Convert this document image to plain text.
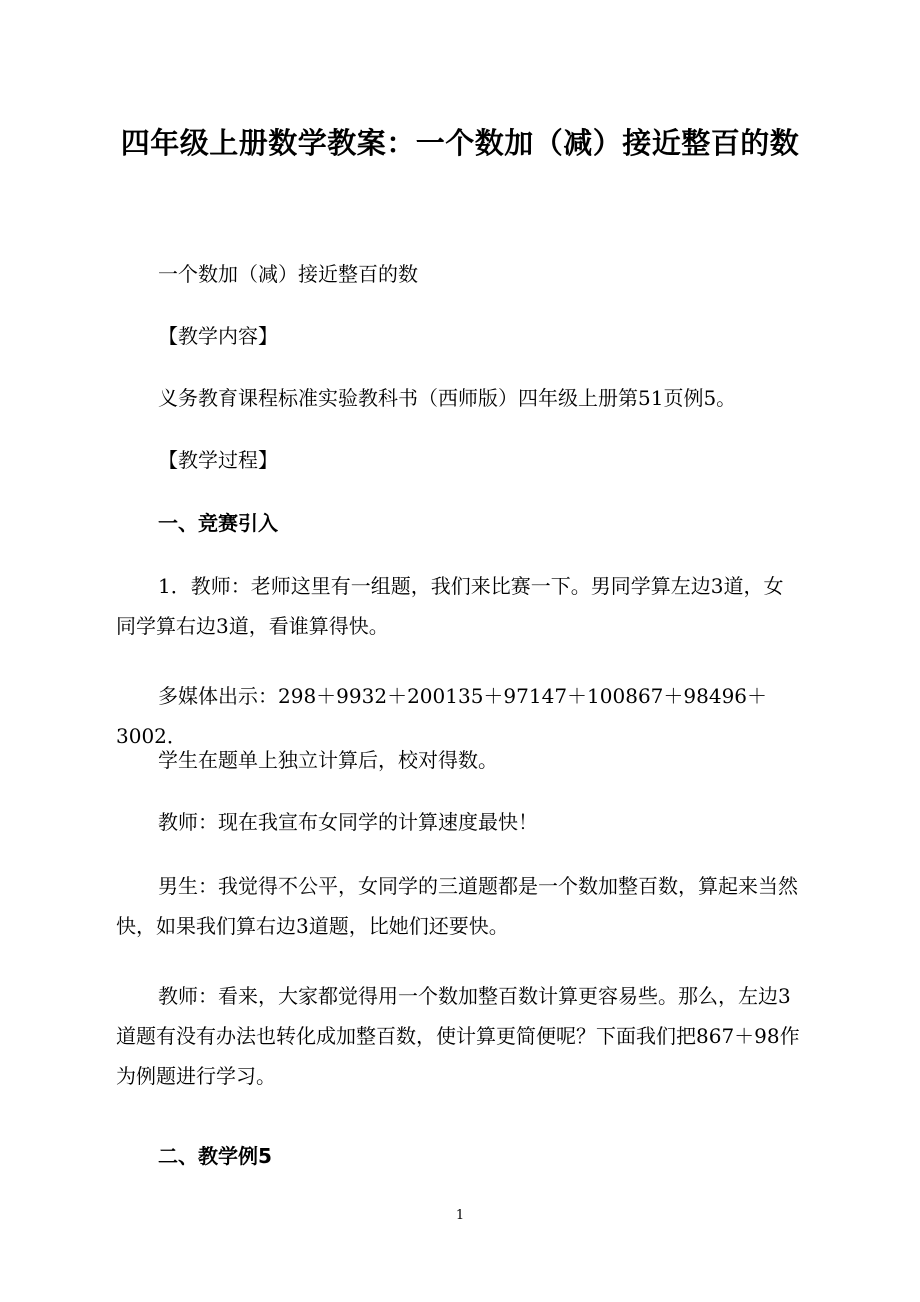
四年级上册数学教案：一个数加（减）接近整百的数

一个数加（减）接近整百的数

【教学内容】

义务教育课程标准实验教科书（西师版）四年级上册第51页例5。

【教学过程】

一、竞赛引入

1．教师：老师这里有一组题，我们来比赛一下。男同学算左边3道，女同学算右边3道，看谁算得快。

多媒体出示：298＋9932＋200135＋97147＋100867＋98496＋3002．

学生在题单上独立计算后，校对得数。

教师：现在我宣布女同学的计算速度最快！

男生：我觉得不公平，女同学的三道题都是一个数加整百数，算起来当然快，如果我们算右边3道题，比她们还要快。

教师：看来，大家都觉得用一个数加整百数计算更容易些。那么，左边3道题有没有办法也转化成加整百数，使计算更简便呢？下面我们把867＋98作为例题进行学习。

二、教学例5

1
